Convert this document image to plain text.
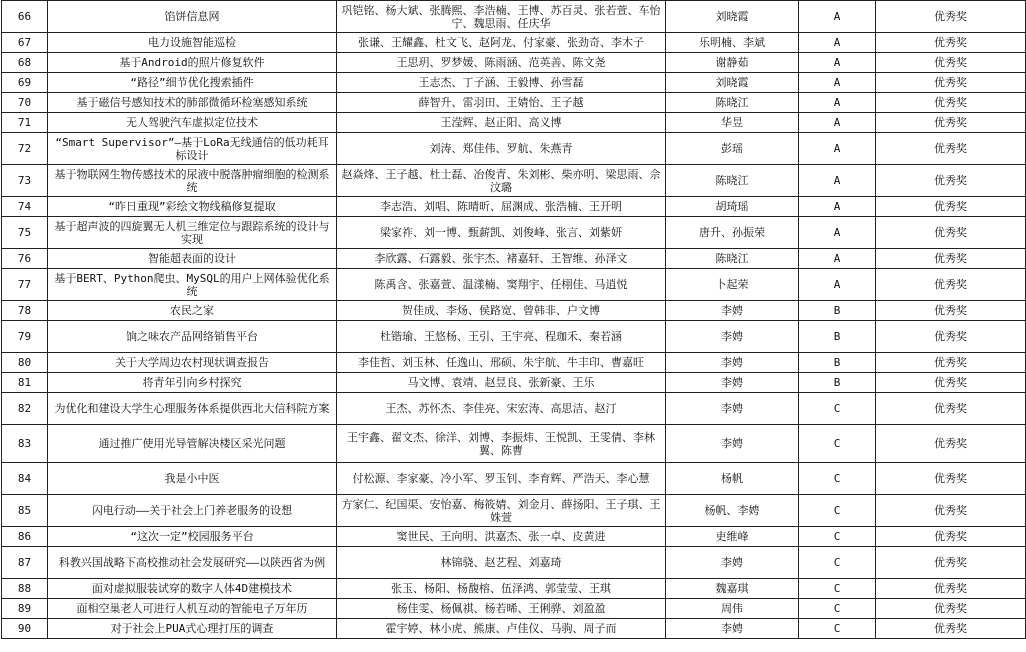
66	馅饼信息网	巩铠铭、杨大斌、张腾熙、李浩楠、王博、苏百灵、张若萱、车怡宁、魏思雨、任庆华	刘晓霞	A	优秀奖
67	电力设施智能巡检	张谦、王耀鑫、杜文飞、赵阿龙、付家豪、张劲奇、李木子	乐明楠、李斌	A	优秀奖
68	基于Android的照片修复软件	王思玥、罗梦媛、陈雨涵、范英善、陈文尧	谢静茹	A	优秀奖
69	“路径”细节优化搜索插件	王志杰、丁子涵、王毅博、孙雪磊	刘晓霞	A	优秀奖
70	基于磁信号感知技术的肺部微循环检塞感知系统	薛智升、雷羽田、王婧怡、王子越	陈晓江	A	优秀奖
71	无人驾驶汽车虚拟定位技术	王滢辉、赵正阳、高义博	华昱	A	优秀奖
72	“Smart Supervisor”—基于LoRa无线通信的低功耗耳标设计	刘涛、郑佳伟、罗航、朱燕青	彭瑶	A	优秀奖
73	基于物联网生物传感技术的尿液中脱落肿瘤细胞的检测系统	赵焱烽、王子越、杜士磊、冶俊青、朱刘彬、柴亦明、梁思雨、佘汶璐	陈晓江	A	优秀奖
74	“昨日重现”彩绘文物线稿修复提取	李志浩、刘唱、陈晴昕、屈渊成、张浩楠、王开明	胡琦瑶	A	优秀奖
75	基于超声波的四旋翼无人机三维定位与跟踪系统的设计与实现	梁家祚、刘一博、甄薪凯、刘俊峰、张言、刘紫妍	唐升、孙振荣	A	优秀奖
76	智能超表面的设计	李欣露、石露毅、张宇杰、褚嘉轩、王智维、孙泽文	陈晓江	A	优秀奖
77	基于BERT、Python爬虫、MySQL的用户上网体验优化系统	陈禹含、张嘉萱、温漾楠、窦翔宇、任栩佳、马逍悦	卜起荣	A	优秀奖
78	农民之家	贺佳成、李炀、侯路宽、曾韩非、户文博	李娉	B	优秀奖
79	饷之味农产品网络销售平台	杜锴瑜、王悠杨、王引、王宇亮、程珈禾、秦若涵	李娉	B	优秀奖
80	关于大学周边农村现状调查报告	李佳哲、刘玉林、任逸山、邢硕、朱宇航、牛丰印、曹嘉旺	李娉	B	优秀奖
81	将青年引向乡村探究	马文博、袁靖、赵昱良、张新豪、王乐	李娉	B	优秀奖
82	为优化和建设大学生心理服务体系提供西北大信科院方案	王杰、苏怀杰、李佳亮、宋宏涛、高思洁、赵汀	李娉	C	优秀奖
83	通过推广使用光导管解决楼区采光问题	王宇鑫、翟文杰、徐洋、刘博、李振炜、王悦凯、王雯倩、李林翼、陈曹	李娉	C	优秀奖
84	我是小中医	付松源、李家豪、冷小军、罗玉钊、李育辉、严浩天、李心慧	杨帆	C	优秀奖
85	闪电行动——关于社会上门养老服务的设想	方家仁、纪国渠、安怡嘉、梅筱婧、刘金月、薛扬阳、王子琪、王姝萱	杨帆、李娉	C	优秀奖
86	“这次一定”校园服务平台	窦世民、王向明、洪嘉杰、张一卓、皮黄进	吏维峰	C	优秀奖
87	科教兴国战略下高校推动社会发展研究——以陕西省为例	林锦骁、赵艺程、刘嘉琦	李娉	C	优秀奖
88	面对虚拟服装试穿的数字人体4D建模技术	张玉、杨阳、杨馥榕、伍泽鸿、郭莹莹、王琪	魏嘉琪	C	优秀奖
89	面相空巢老人可进行人机互动的智能电子万年历	杨佳雯、杨佩祺、杨若晞、王俐骅、刘盈盈	周伟	C	优秀奖
90	对于社会上PUA式心理打压的调查	霍宇婷、林小虎、熊康、卢佳仪、马驹、周子而	李娉	C	优秀奖
